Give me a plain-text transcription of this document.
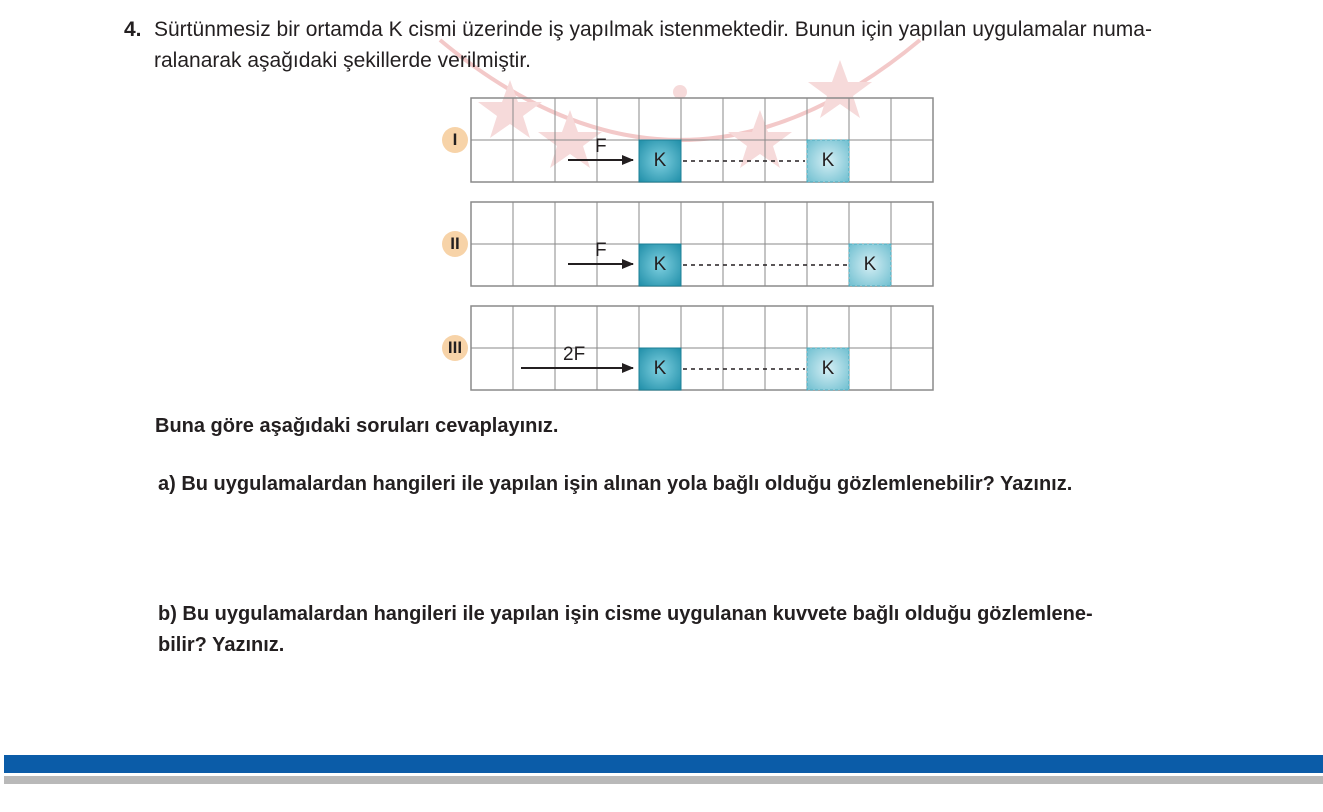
4. Sürtünmesiz bir ortamda K cismi üzerinde iş yapılmak istenmektedir. Bunun için yapılan uygulamalar numa-
ralanarak aşağıdaki şekillerde verilmiştir.
I	F
K	K
II	F
K	K
III	2F
K	K
Buna göre aşağıdaki soruları cevaplayınız.
a) Bu uygulamalardan hangileri ile yapılan işin alınan yola bağlı olduğu gözlemlenebilir? Yazınız.
b) Bu uygulamalardan hangileri ile yapılan işin cisme uygulanan kuvvete bağlı olduğu gözlemlene-
bilir? Yazınız.
